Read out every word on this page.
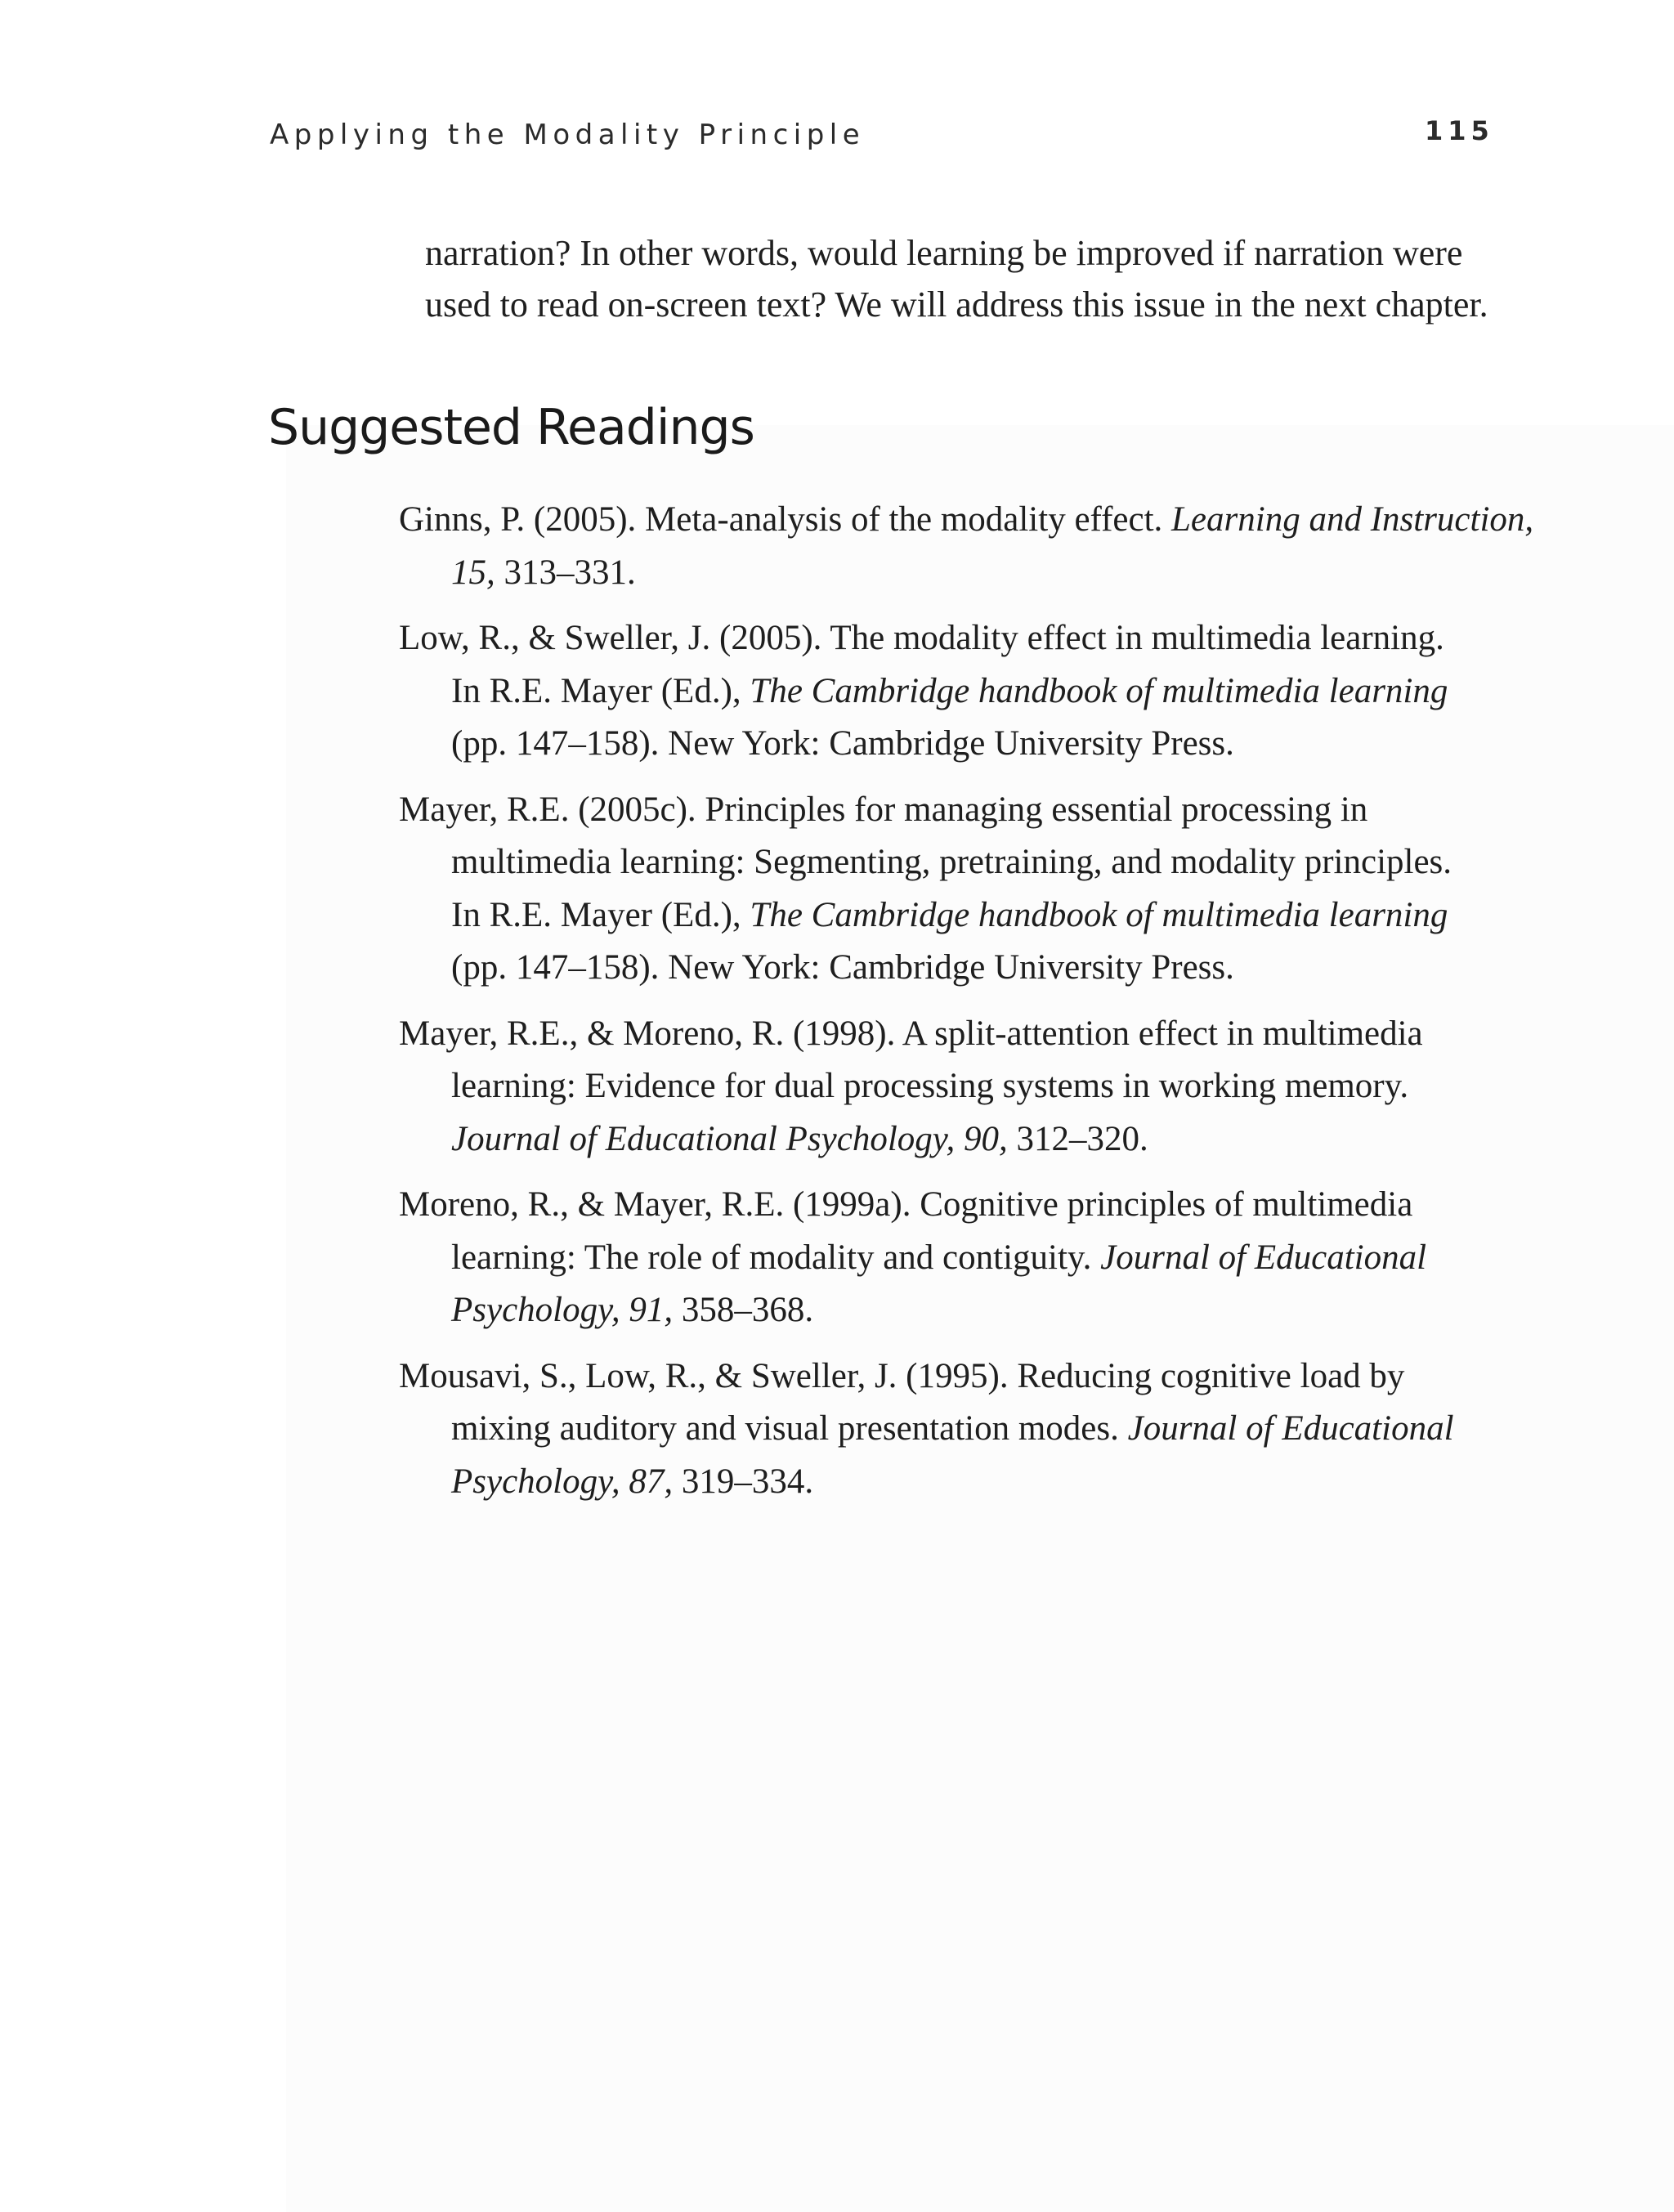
Applying the Modality Principle	115

narration? In other words, would learning be improved if narration were
used to read on-screen text? We will address this issue in the next chapter.

Suggested Readings
Ginns, P. (2005). Meta-analysis of the modality effect. Learning and Instruction,
15, 313–331.
Low, R., & Sweller, J. (2005). The modality effect in multimedia learning.
In R.E. Mayer (Ed.), The Cambridge handbook of multimedia learning
(pp. 147–158). New York: Cambridge University Press.
Mayer, R.E. (2005c). Principles for managing essential processing in
multimedia learning: Segmenting, pretraining, and modality principles.
In R.E. Mayer (Ed.), The Cambridge handbook of multimedia learning
(pp. 147–158). New York: Cambridge University Press.
Mayer, R.E., & Moreno, R. (1998). A split-attention effect in multimedia
learning: Evidence for dual processing systems in working memory.
Journal of Educational Psychology, 90, 312–320.
Moreno, R., & Mayer, R.E. (1999a). Cognitive principles of multimedia
learning: The role of modality and contiguity. Journal of Educational
Psychology, 91, 358–368.
Mousavi, S., Low, R., & Sweller, J. (1995). Reducing cognitive load by
mixing auditory and visual presentation modes. Journal of Educational
Psychology, 87, 319–334.
